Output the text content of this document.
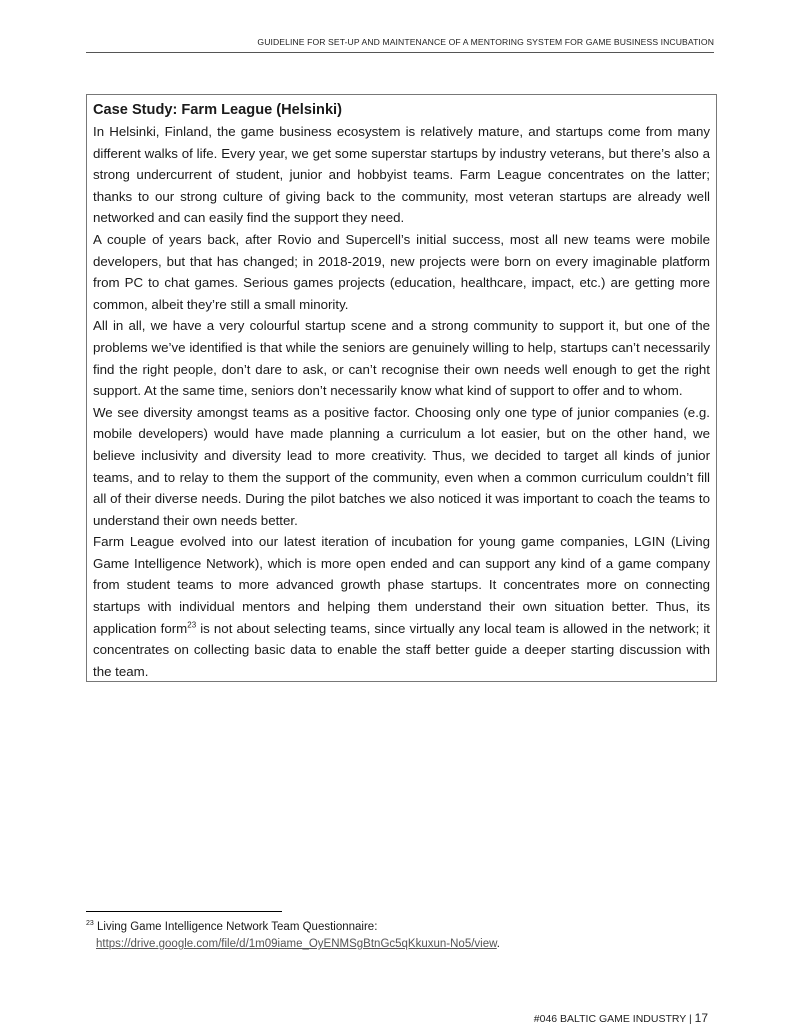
GUIDELINE FOR SET-UP AND MAINTENANCE OF A MENTORING SYSTEM FOR GAME BUSINESS INCUBATION

Case Study: Farm League (Helsinki)

In Helsinki, Finland, the game business ecosystem is relatively mature, and startups come from many different walks of life. Every year, we get some superstar startups by industry veterans, but there’s also a strong undercurrent of student, junior and hobbyist teams. Farm League concentrates on the latter; thanks to our strong culture of giving back to the community, most veteran startups are already well networked and can easily find the support they need.

A couple of years back, after Rovio and Supercell’s initial success, most all new teams were mobile developers, but that has changed; in 2018-2019, new projects were born on every imaginable platform from PC to chat games. Serious games projects (education, healthcare, impact, etc.) are getting more common, albeit they’re still a small minority.

All in all, we have a very colourful startup scene and a strong community to support it, but one of the problems we’ve identified is that while the seniors are genuinely willing to help, startups can’t necessarily find the right people, don’t dare to ask, or can’t recognise their own needs well enough to get the right support. At the same time, seniors don’t necessarily know what kind of support to offer and to whom.

We see diversity amongst teams as a positive factor. Choosing only one type of junior companies (e.g. mobile developers) would have made planning a curriculum a lot easier, but on the other hand, we believe inclusivity and diversity lead to more creativity. Thus, we decided to target all kinds of junior teams, and to relay to them the support of the community, even when a common curriculum couldn’t fill all of their diverse needs. During the pilot batches we also noticed it was important to coach the teams to understand their own needs better.

Farm League evolved into our latest iteration of incubation for young game companies, LGIN (Living Game Intelligence Network), which is more open ended and can support any kind of a game company from student teams to more advanced growth phase startups. It concentrates more on connecting startups with individual mentors and helping them understand their own situation better. Thus, its application form$^{23}$ is not about selecting teams, since virtually any local team is allowed in the network; it concentrates on collecting basic data to enable the staff better guide a deeper starting discussion with the team.

$^{23}$ Living Game Intelligence Network Team Questionnaire:
https://drive.google.com/file/d/1m09iame_OyENMSgBtnGc5qKkuxun-No5/view.
#046 BALTIC GAME INDUSTRY | 17
